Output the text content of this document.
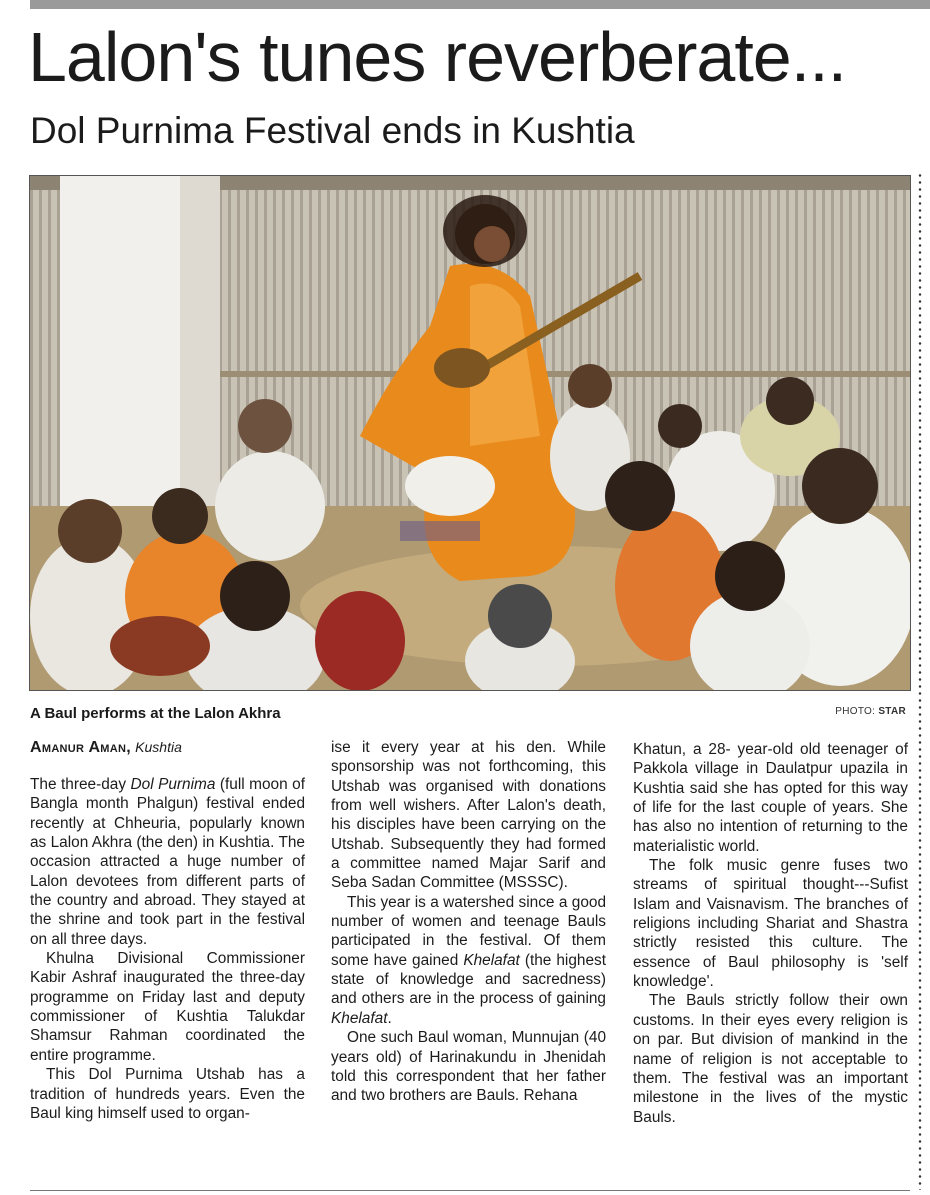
Lalon's tunes reverberate...
Dol Purnima Festival ends in Kushtia
A Baul performs at the Lalon Akhra	PHOTO: STAR
Amanur Aman, Kushtia

The three-day Dol Purnima (full moon of Bangla month Phalgun) festival ended recently at Chheuria, popularly known as Lalon Akhra (the den) in Kushtia. The occasion attracted a huge number of Lalon devotees from different parts of the country and abroad. They stayed at the shrine and took part in the festival on all three days.

Khulna Divisional Commissioner Kabir Ashraf inaugurated the three-day programme on Friday last and deputy commissioner of Kushtia Talukdar Shamsur Rahman coordinated the entire programme.

This Dol Purnima Utshab has a tradition of hundreds years. Even the Baul king himself used to organ-

ise it every year at his den. While sponsorship was not forthcoming, this Utshab was organised with donations from well wishers. After Lalon's death, his disciples have been carrying on the Utshab. Subsequently they had formed a committee named Majar Sarif and Seba Sadan Committee (MSSSC).

This year is a watershed since a good number of women and teenage Bauls participated in the festival. Of them some have gained Khelafat (the highest state of knowledge and sacredness) and others are in the process of gaining Khelafat.

One such Baul woman, Munnujan (40 years old) of Harinakundu in Jhenidah told this correspondent that her father and two brothers are Bauls. Rehana

Khatun, a 28- year-old old teenager of Pakkola village in Daulatpur upazila in Kushtia said she has opted for this way of life for the last couple of years. She has also no intention of returning to the materialistic world.

The folk music genre fuses two streams of spiritual thought---Sufist Islam and Vaisnavism. The branches of religions including Shariat and Shastra strictly resisted this culture. The essence of Baul philosophy is 'self knowledge'.

The Bauls strictly follow their own customs. In their eyes every religion is on par. But division of mankind in the name of religion is not acceptable to them. The festival was an important milestone in the lives of the mystic Bauls.
